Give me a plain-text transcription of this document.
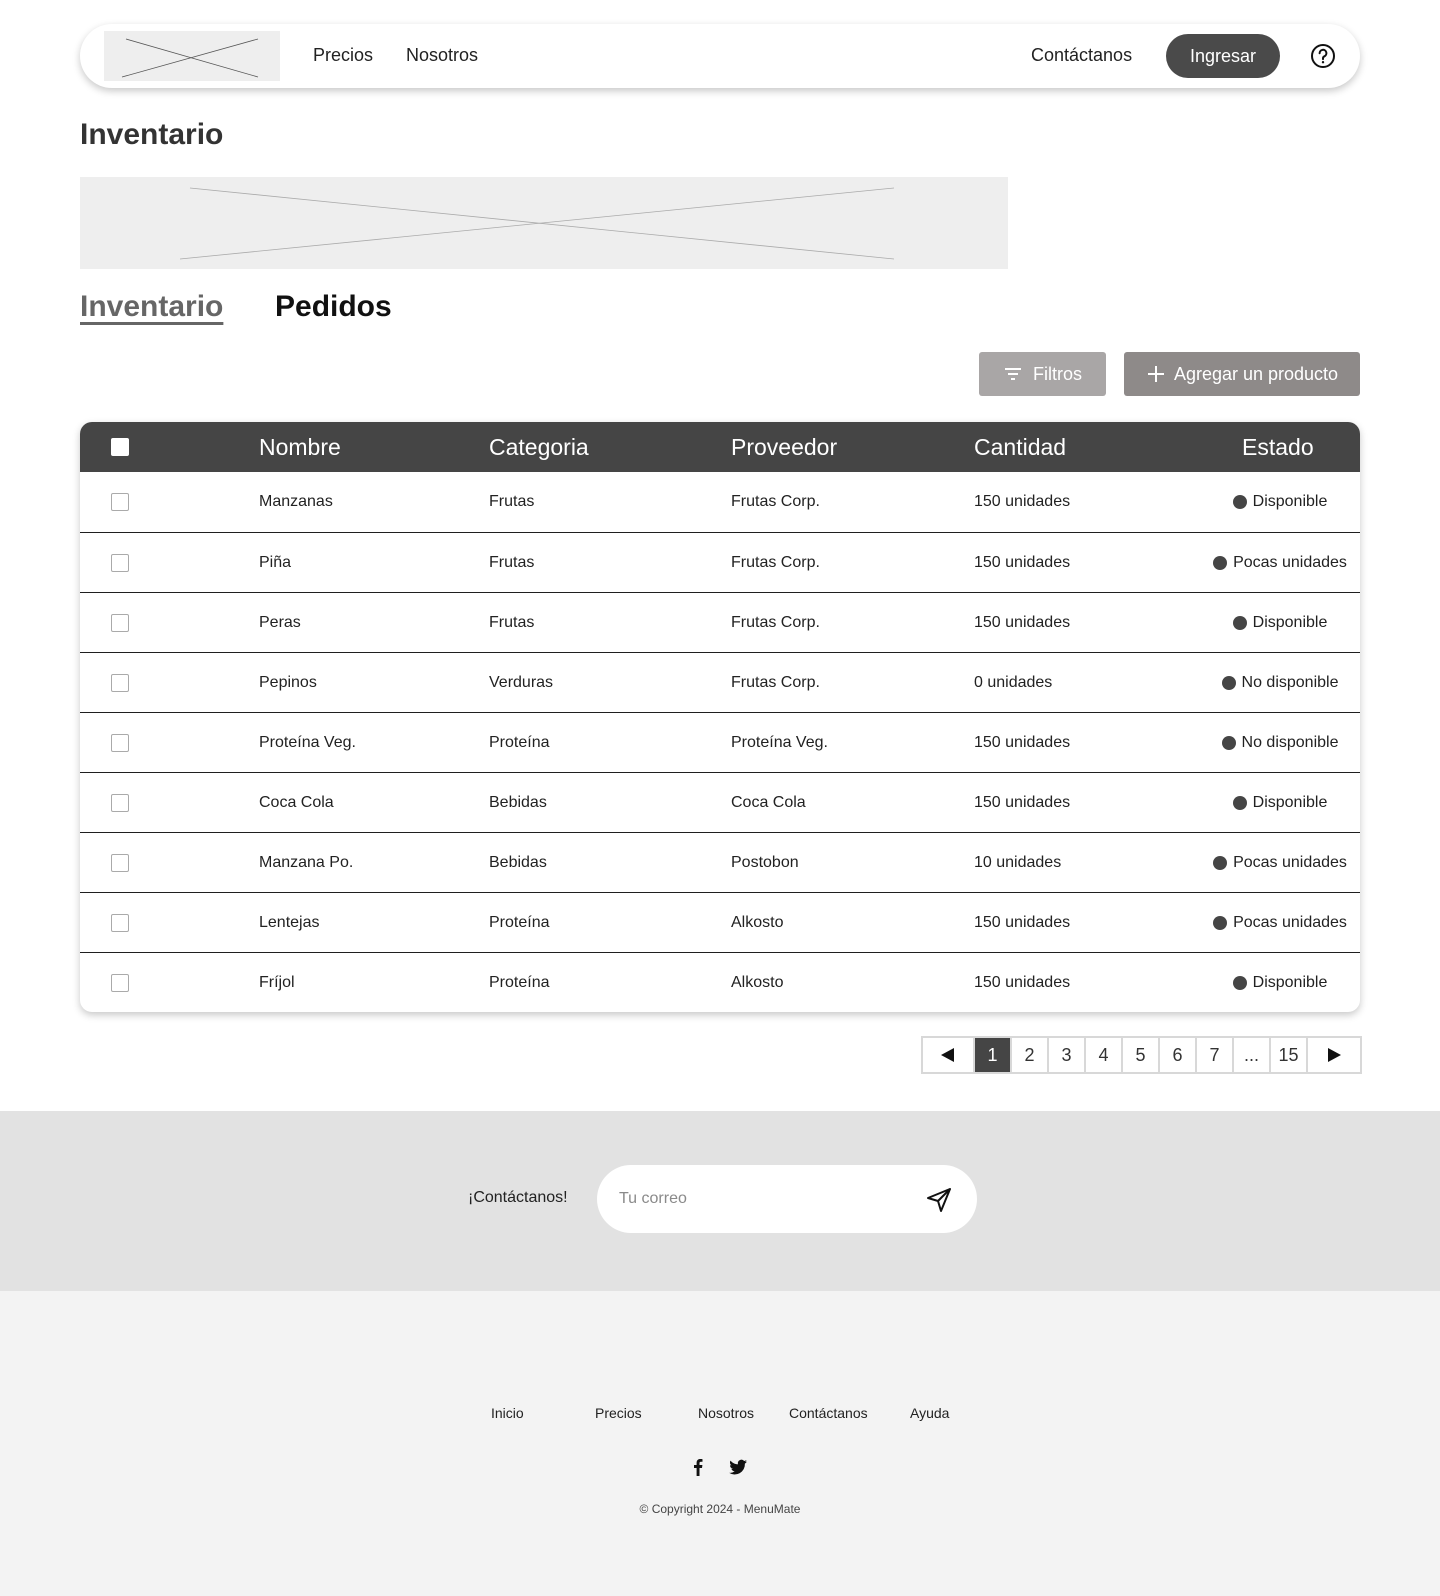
Precios Nosotros	Contáctanos	Ingresar
Inventario
Inventario Pedidos
Filtros	Agregar un producto
Nombre	Categoria	Proveedor	Cantidad	Estado
Manzanas	Frutas	Frutas Corp.	150 unidades	Disponible
Piña	Frutas	Frutas Corp.	150 unidades	Pocas unidades
Peras	Frutas	Frutas Corp.	150 unidades	Disponible
Pepinos	Verduras	Frutas Corp.	0 unidades	No disponible
Proteína Veg.	Proteína	Proteína Veg.	150 unidades	No disponible
Coca Cola	Bebidas	Coca Cola	150 unidades	Disponible
Manzana Po.	Bebidas	Postobon	10 unidades	Pocas unidades
Lentejas	Proteína	Alkosto	150 unidades	Pocas unidades
Fríjol	Proteína	Alkosto	150 unidades	Disponible
1	2	3	4	5	6	7	...	15
¡Contáctanos!
Tu correo
Inicio	Precios	Nosotros Contáctanos	Ayuda
© Copyright 2024 - MenuMate
